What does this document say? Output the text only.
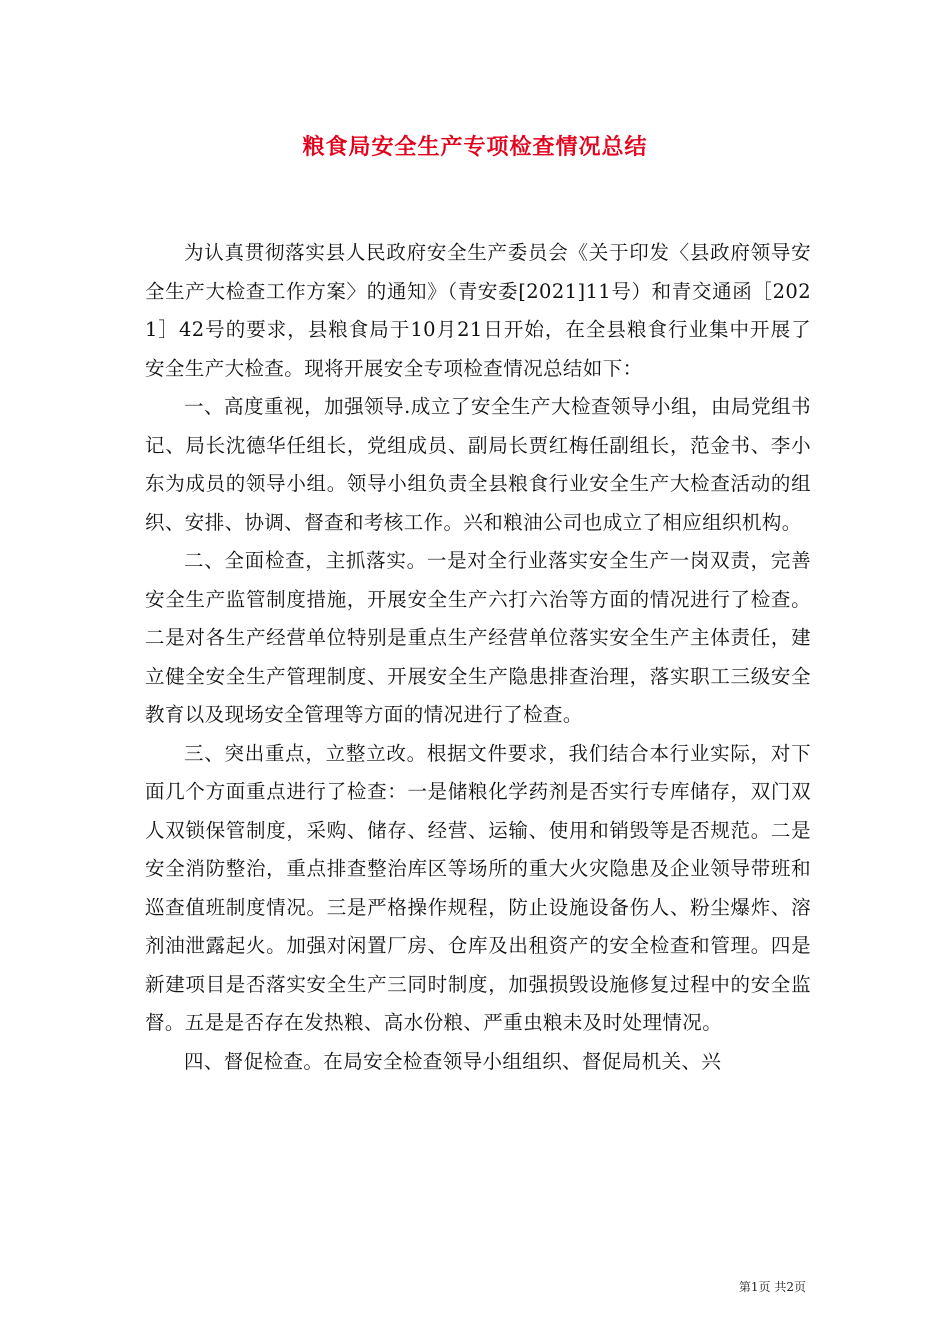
粮食局安全生产专项检查情况总结

为认真贯彻落实县人民政府安全生产委员会《关于印发〈县政府领导安全生产大检查工作方案〉的通知》（青安委[2021]11号）和青交通函［2021］42号的要求，县粮食局于10月21日开始，在全县粮食行业集中开展了安全生产大检查。现将开展安全专项检查情况总结如下：

一、高度重视，加强领导.成立了安全生产大检查领导小组，由局党组书记、局长沈德华任组长，党组成员、副局长贾红梅任副组长，范金书、李小东为成员的领导小组。领导小组负责全县粮食行业安全生产大检查活动的组织、安排、协调、督查和考核工作。兴和粮油公司也成立了相应组织机构。

二、全面检查，主抓落实。一是对全行业落实安全生产一岗双责，完善安全生产监管制度措施，开展安全生产六打六治等方面的情况进行了检查。二是对各生产经营单位特别是重点生产经营单位落实安全生产主体责任，建立健全安全生产管理制度、开展安全生产隐患排查治理，落实职工三级安全教育以及现场安全管理等方面的情况进行了检查。

三、突出重点，立整立改。根据文件要求，我们结合本行业实际，对下面几个方面重点进行了检查：一是储粮化学药剂是否实行专库储存，双门双人双锁保管制度，采购、储存、经营、运输、使用和销毁等是否规范。二是安全消防整治，重点排查整治库区等场所的重大火灾隐患及企业领导带班和巡查值班制度情况。三是严格操作规程，防止设施设备伤人、粉尘爆炸、溶剂油泄露起火。加强对闲置厂房、仓库及出租资产的安全检查和管理。四是新建项目是否落实安全生产三同时制度，加强损毁设施修复过程中的安全监督。五是是否存在发热粮、高水份粮、严重虫粮未及时处理情况。

四、督促检查。在局安全检查领导小组组织、督促局机关、兴

第1页 共2页
